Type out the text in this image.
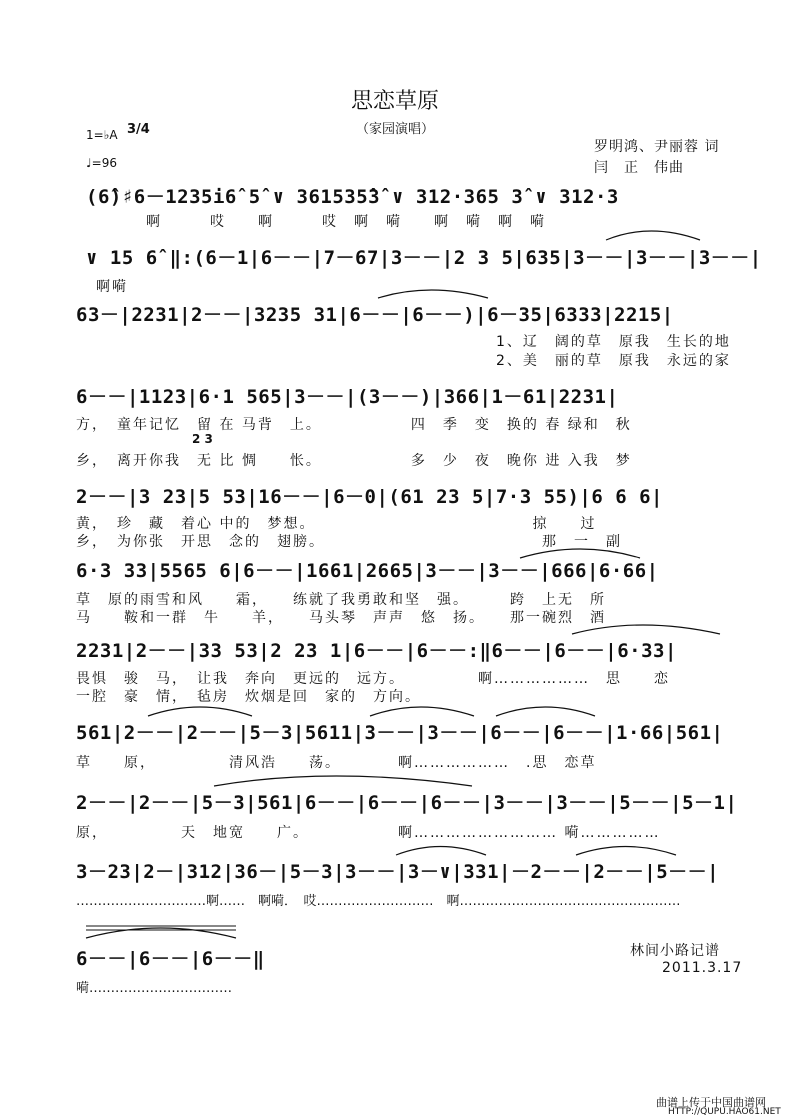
思恋草原
（家园演唱）
1=♭A 3/4
♩=96
罗明鸿、尹丽蓉 词
闫　正　伟曲
(6̂)♯6－1235i6̂ 5̂ ∨ 361535̂3̂ ∨ 312·365 3̂ ∨ 312·3
啊　　　哎　　啊　　　哎　啊　嗬　　啊　嗬　啊　嗬
∨ 15 6̂ ‖:(6－1|6－－|7－67|3－－|2 3 5|635|3－－|3－－|3－－|
啊嗬
63－|2231|2－－|3235 31|6－－|6－－)|6－35|6333|2215|
1、辽　阔的草　原我　生长的地
2、美　丽的草　原我　永远的家
6－－|1123|6·1 565|3－－|(3－－)|366|1－61|2231|
方，　童年记忆　留 在 马背　上。　　　　　　四　季　变　换的 春 绿和　秋
2 3
乡，　离开你我　无 比 惆　　怅。　　　　　　多　少　夜　晚你 进 入我　梦
2－－|3 23|5 53|16－－|6－0|(61 23 5|7·3 55)|6 6 6|
黄，　珍　藏　着心 中的　梦想。　　　　　　　　　　　　　　掠　　过
乡，　为你张　开思　念的　翅膀。　　　　　　　　　　　　　　那　一　副
6·3 33|5565 6|6－－|1661|2665|3－－|3－－|666|6·66|
草　原的雨雪和风　　霜，　　练就了我勇敢和坚　强。　　　跨　上无　所
马　　鞍和一群　牛　　羊，　　马头琴　声声　悠　扬。　　那一碗烈　酒
2231|2－－|33 53|2 23 1|6－－|6－－:‖6－－|6－－|6·33|
畏惧　骏　马，　让我　奔向　更远的　远方。　　　　　啊………………　思　　恋
一腔　豪　情，　毡房　炊烟是回　家的　方向。
561|2－－|2－－|5－3|5611|3－－|3－－|6－－|6－－|1·66|561|
草　　原，　　　　　清风浩　　荡。　　　　啊………………　.思　恋草
2－－|2－－|5－3|561|6－－|6－－|6－－|3－－|3－－|5－－|5－1|
原，　　　　　天　地宽　　广。　　　　　　啊……………………… 嗬……………
3－23|2－|312|36－|5－3|3－－|3－∨|331|－2－－|2－－|5－－|
…………………………啊……　啊嗬．　哎………………………　啊……………………………………………
6－－|6－－|6－－‖
嗬……………………………
林间小路记谱
2011.3.17
曲谱上传于中国曲谱网
HTTP://QUPU.HAO61.NET
